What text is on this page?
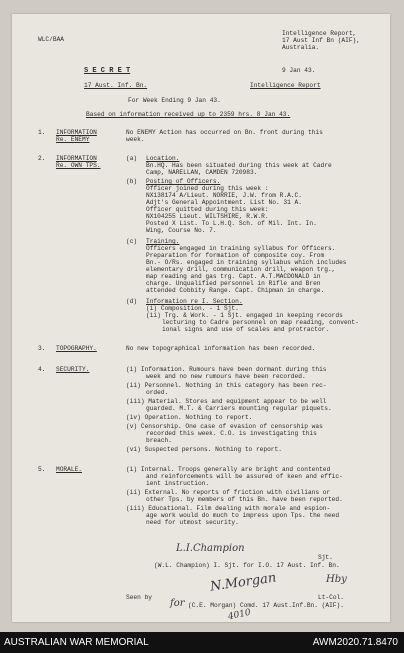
WLC/BAA
Intelligence Report,
17 Aust Inf Bn (AIF),
Australia.
S E C R E T	9 Jan 43.
17 Aust. Inf. Bn.	Intelligence Report
For Week Ending 9 Jan 43.
Based on information received up to 2359 hrs. 8 Jan 43.
1. INFORMATION
Re. ENEMY
No ENEMY Action has occurred on Bn. front during this
week.
2. INFORMATION
Re. OWN TPS.
(a) Location.
Bn.HQ. Has been situated during this week at Cadre
Camp, NARELLAN, CAMDEN 720983.
(b) Posting of Officers.
Officer joined during this week :
NX138174 A/Lieut. NORRIE, J.W. from R.A.C.
Adjt's General Appointment. List No. 31 A.
Officer quitted during this week:
NX104255 Lieut. WILTSHIRE, R.W.R.
Posted X List. To L.H.Q. Sch. of Mil. Int. In.
Wing, Course No. 7.
(c) Training.
Officers engaged in training syllabus for Officers.
Preparation for formation of composite coy. From
Bn.- O/Rs. engaged in training syllabus which includes
elementary drill, communication drill, weapon trg.,
map reading and gas trg. Capt. A.T.MACDONALD in
charge. Unqualified personnel in Rifle and Bren
attended Cobbity Range. Capt. Chipman in charge.
(d) Information re I. Section.
(i) Composition. - 1 Sjt.
(ii) Trg. & Work. - 1 Sjt. engaged in keeping records
lecturing to Cadre personnel on map reading, convent-
ional signs and use of scales and protractor.
3. TOPOGRAPHY.	No new topographical information has been recorded.
4. SECURITY.	(i) Information. Rumours have been dormant during this
week and no new rumours have been recorded.
(ii) Personnel. Nothing in this category has been rec-
orded.
(iii) Material. Stores and equipment appear to be well
guarded. M.T. & Carriers mounting regular piquets.
(iv) Operation. Nothing to report.
(v) Censorship. One case of evasion of censorship was
recorded this week. C.O. is investigating this
breach.
(vi) Suspected persons. Nothing to report.
5. MORALE.	(i) Internal. Troops generally are bright and contented
and reinforcements will be assured of keen and effic-
ient instruction.
(ii) External. No reports of friction with civilians or
other Tps. by members of this Bn. have been reported.
(iii) Educational. Film dealing with morale and espion-
age work would do much to impress upon Tps. the need
need for utmost security.
L.I.Champion
Sjt.
(W.L. Champion) I. Sjt. for I.O. 17 Aust. Inf. Bn.
N.Morgan	Hby
Seen by	Lt-Col.
for (C.E. Morgan) Comd. 17 Aust.Inf.Bn. (AIF).
4010
AUSTRALIAN WAR MEMORIAL	AWM2020.71.8470
